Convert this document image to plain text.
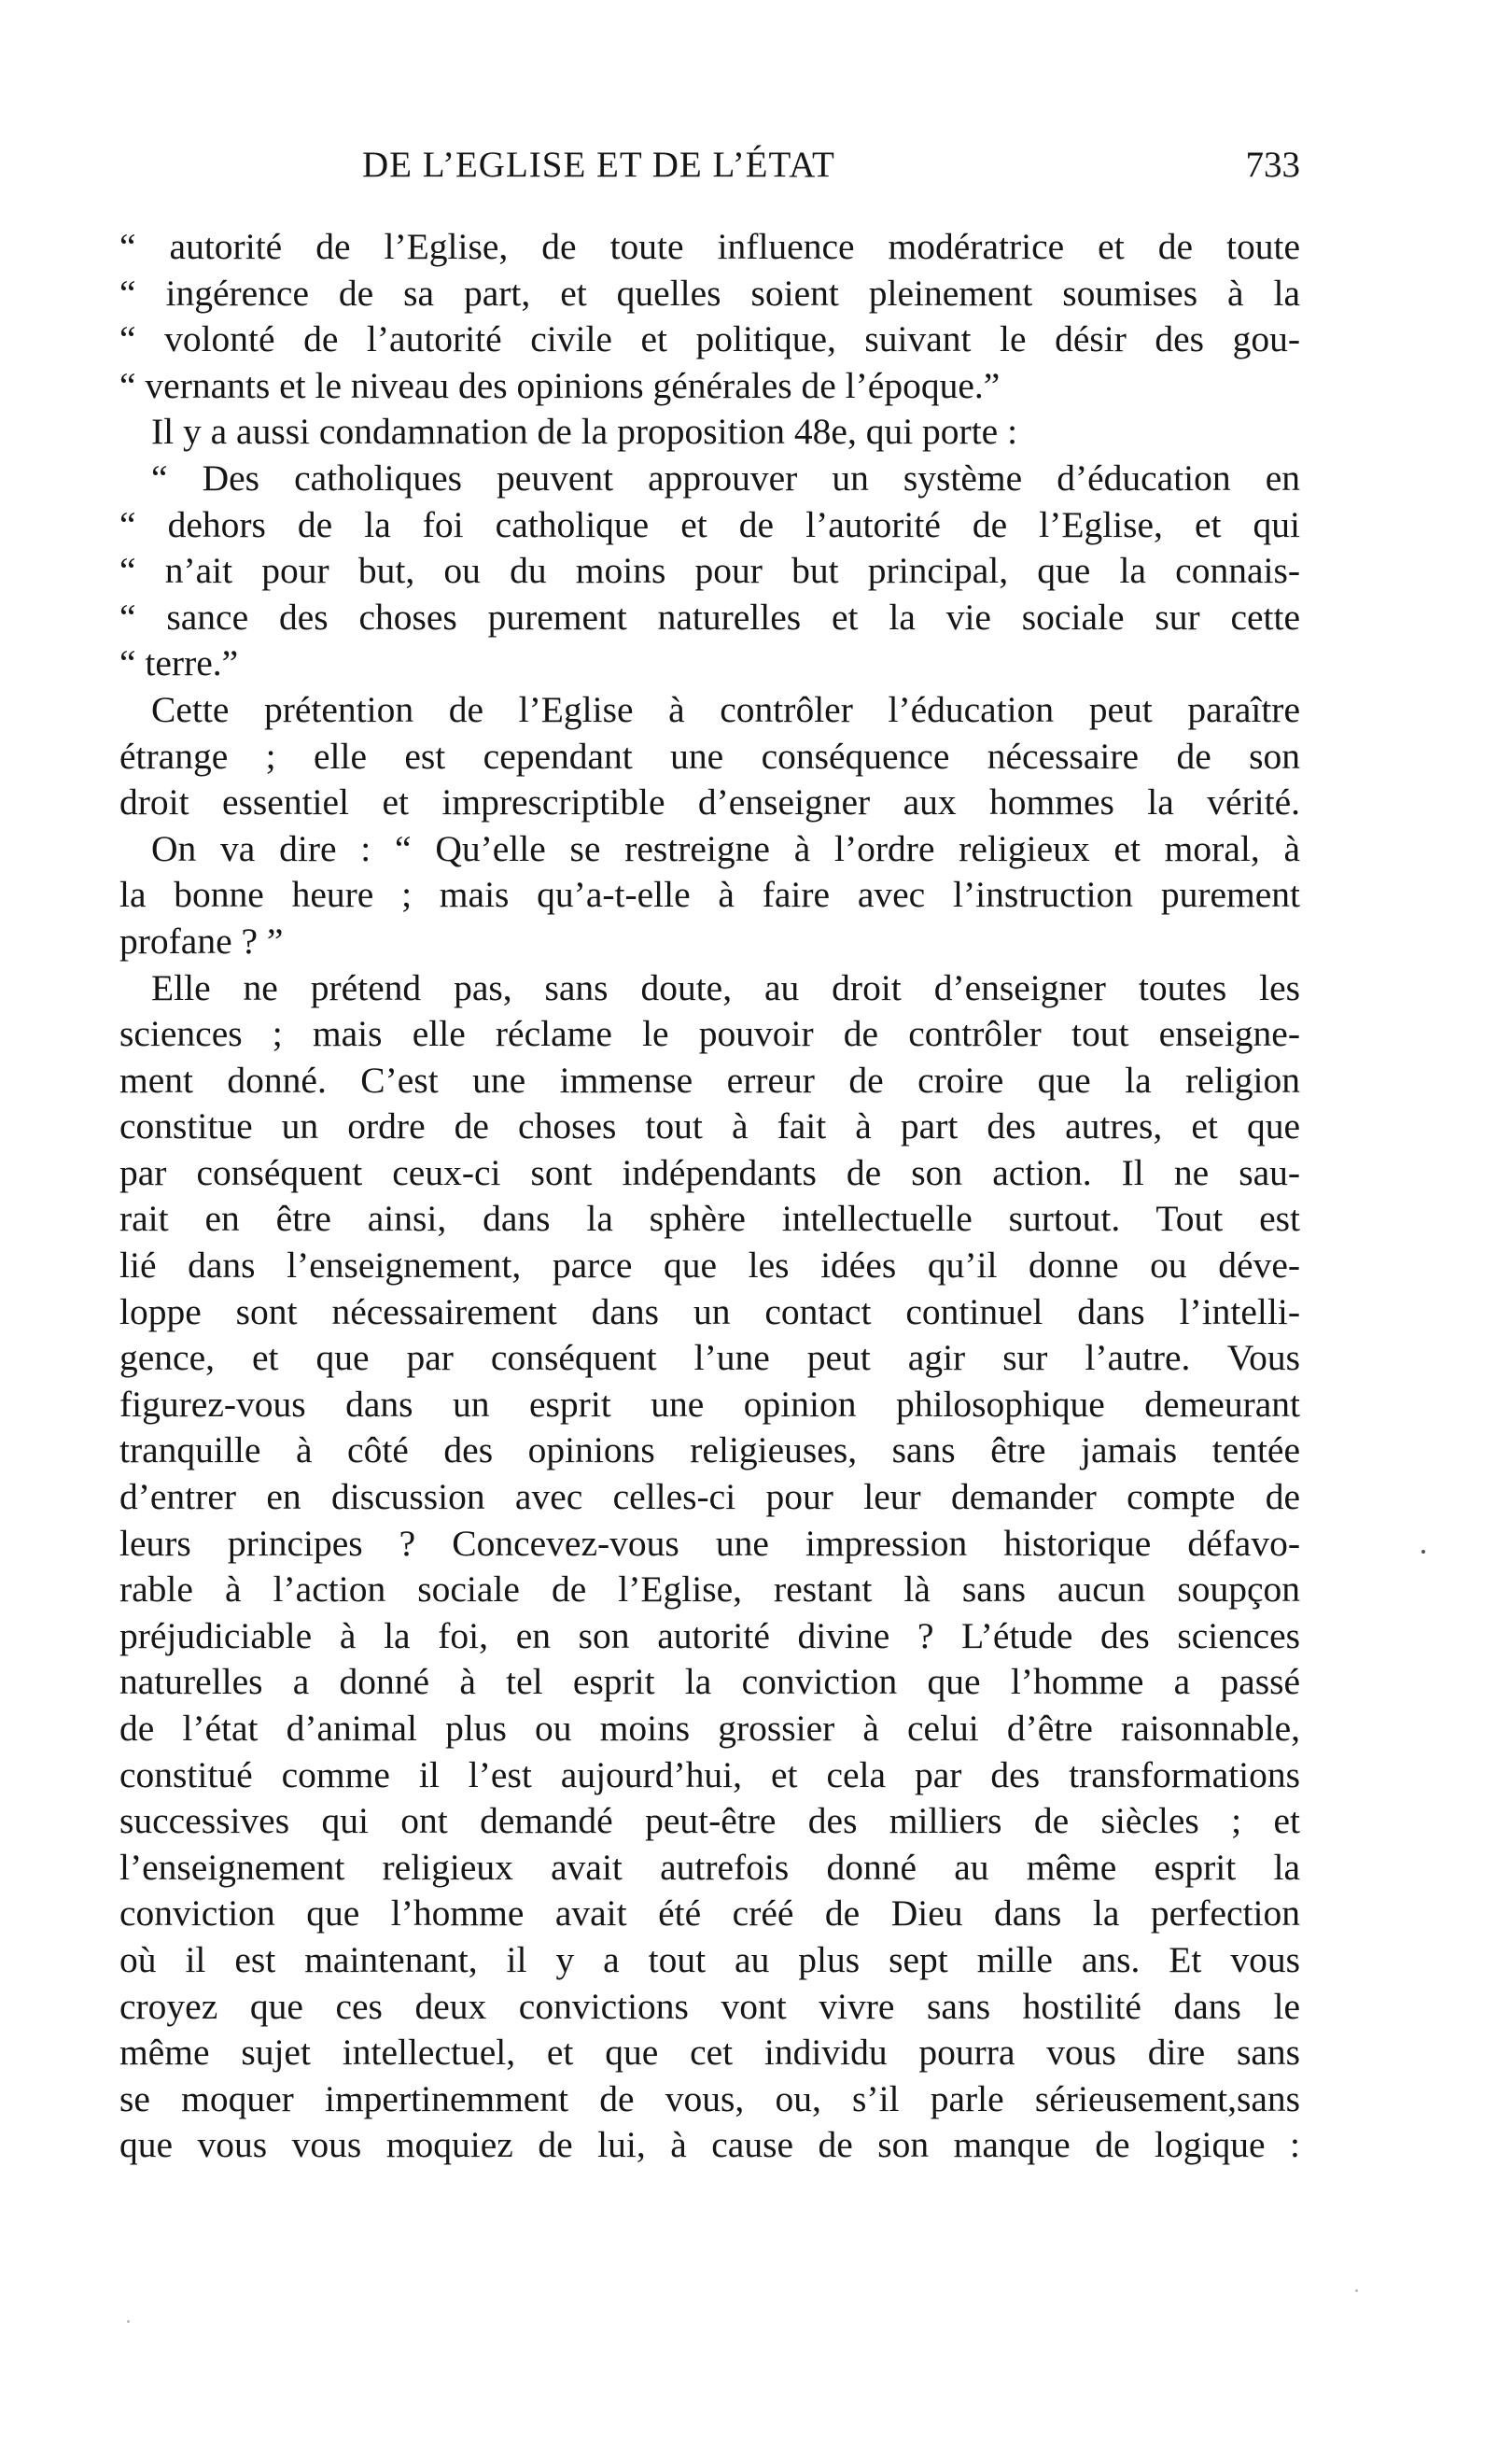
DE L’EGLISE ET DE L’ÉTAT	733
“ autorité de l’Eglise, de toute influence modératrice et de toute
“ ingérence de sa part, et quelles soient pleinement soumises à la
“ volonté de l’autorité civile et politique, suivant le désir des gou-
“ vernants et le niveau des opinions générales de l’époque.”
Il y a aussi condamnation de la proposition 48e, qui porte :
“ Des catholiques peuvent approuver un système d’éducation en
“ dehors de la foi catholique et de l’autorité de l’Eglise, et qui
“ n’ait pour but, ou du moins pour but principal, que la connais-
“ sance des choses purement naturelles et la vie sociale sur cette
“ terre.”
Cette prétention de l’Eglise à contrôler l’éducation peut paraître
étrange ; elle est cependant une conséquence nécessaire de son
droit essentiel et imprescriptible d’enseigner aux hommes la vérité.
On va dire : “ Qu’elle se restreigne à l’ordre religieux et moral, à
la bonne heure ; mais qu’a-t-elle à faire avec l’instruction purement
profane ? ”
Elle ne prétend pas, sans doute, au droit d’enseigner toutes les
sciences ; mais elle réclame le pouvoir de contrôler tout enseigne-
ment donné. C’est une immense erreur de croire que la religion
constitue un ordre de choses tout à fait à part des autres, et que
par conséquent ceux-ci sont indépendants de son action. Il ne sau-
rait en être ainsi, dans la sphère intellectuelle surtout. Tout est
lié dans l’enseignement, parce que les idées qu’il donne ou déve-
loppe sont nécessairement dans un contact continuel dans l’intelli-
gence, et que par conséquent l’une peut agir sur l’autre. Vous
figurez-vous dans un esprit une opinion philosophique demeurant
tranquille à côté des opinions religieuses, sans être jamais tentée
d’entrer en discussion avec celles-ci pour leur demander compte de
leurs principes ? Concevez-vous une impression historique défavo-
rable à l’action sociale de l’Eglise, restant là sans aucun soupçon
préjudiciable à la foi, en son autorité divine ? L’étude des sciences
naturelles a donné à tel esprit la conviction que l’homme a passé
de l’état d’animal plus ou moins grossier à celui d’être raisonnable,
constitué comme il l’est aujourd’hui, et cela par des transformations
successives qui ont demandé peut-être des milliers de siècles ; et
l’enseignement religieux avait autrefois donné au même esprit la
conviction que l’homme avait été créé de Dieu dans la perfection
où il est maintenant, il y a tout au plus sept mille ans. Et vous
croyez que ces deux convictions vont vivre sans hostilité dans le
même sujet intellectuel, et que cet individu pourra vous dire sans
se moquer impertinemment de vous, ou, s’il parle sérieusement,sans
que vous vous moquiez de lui, à cause de son manque de logique :
